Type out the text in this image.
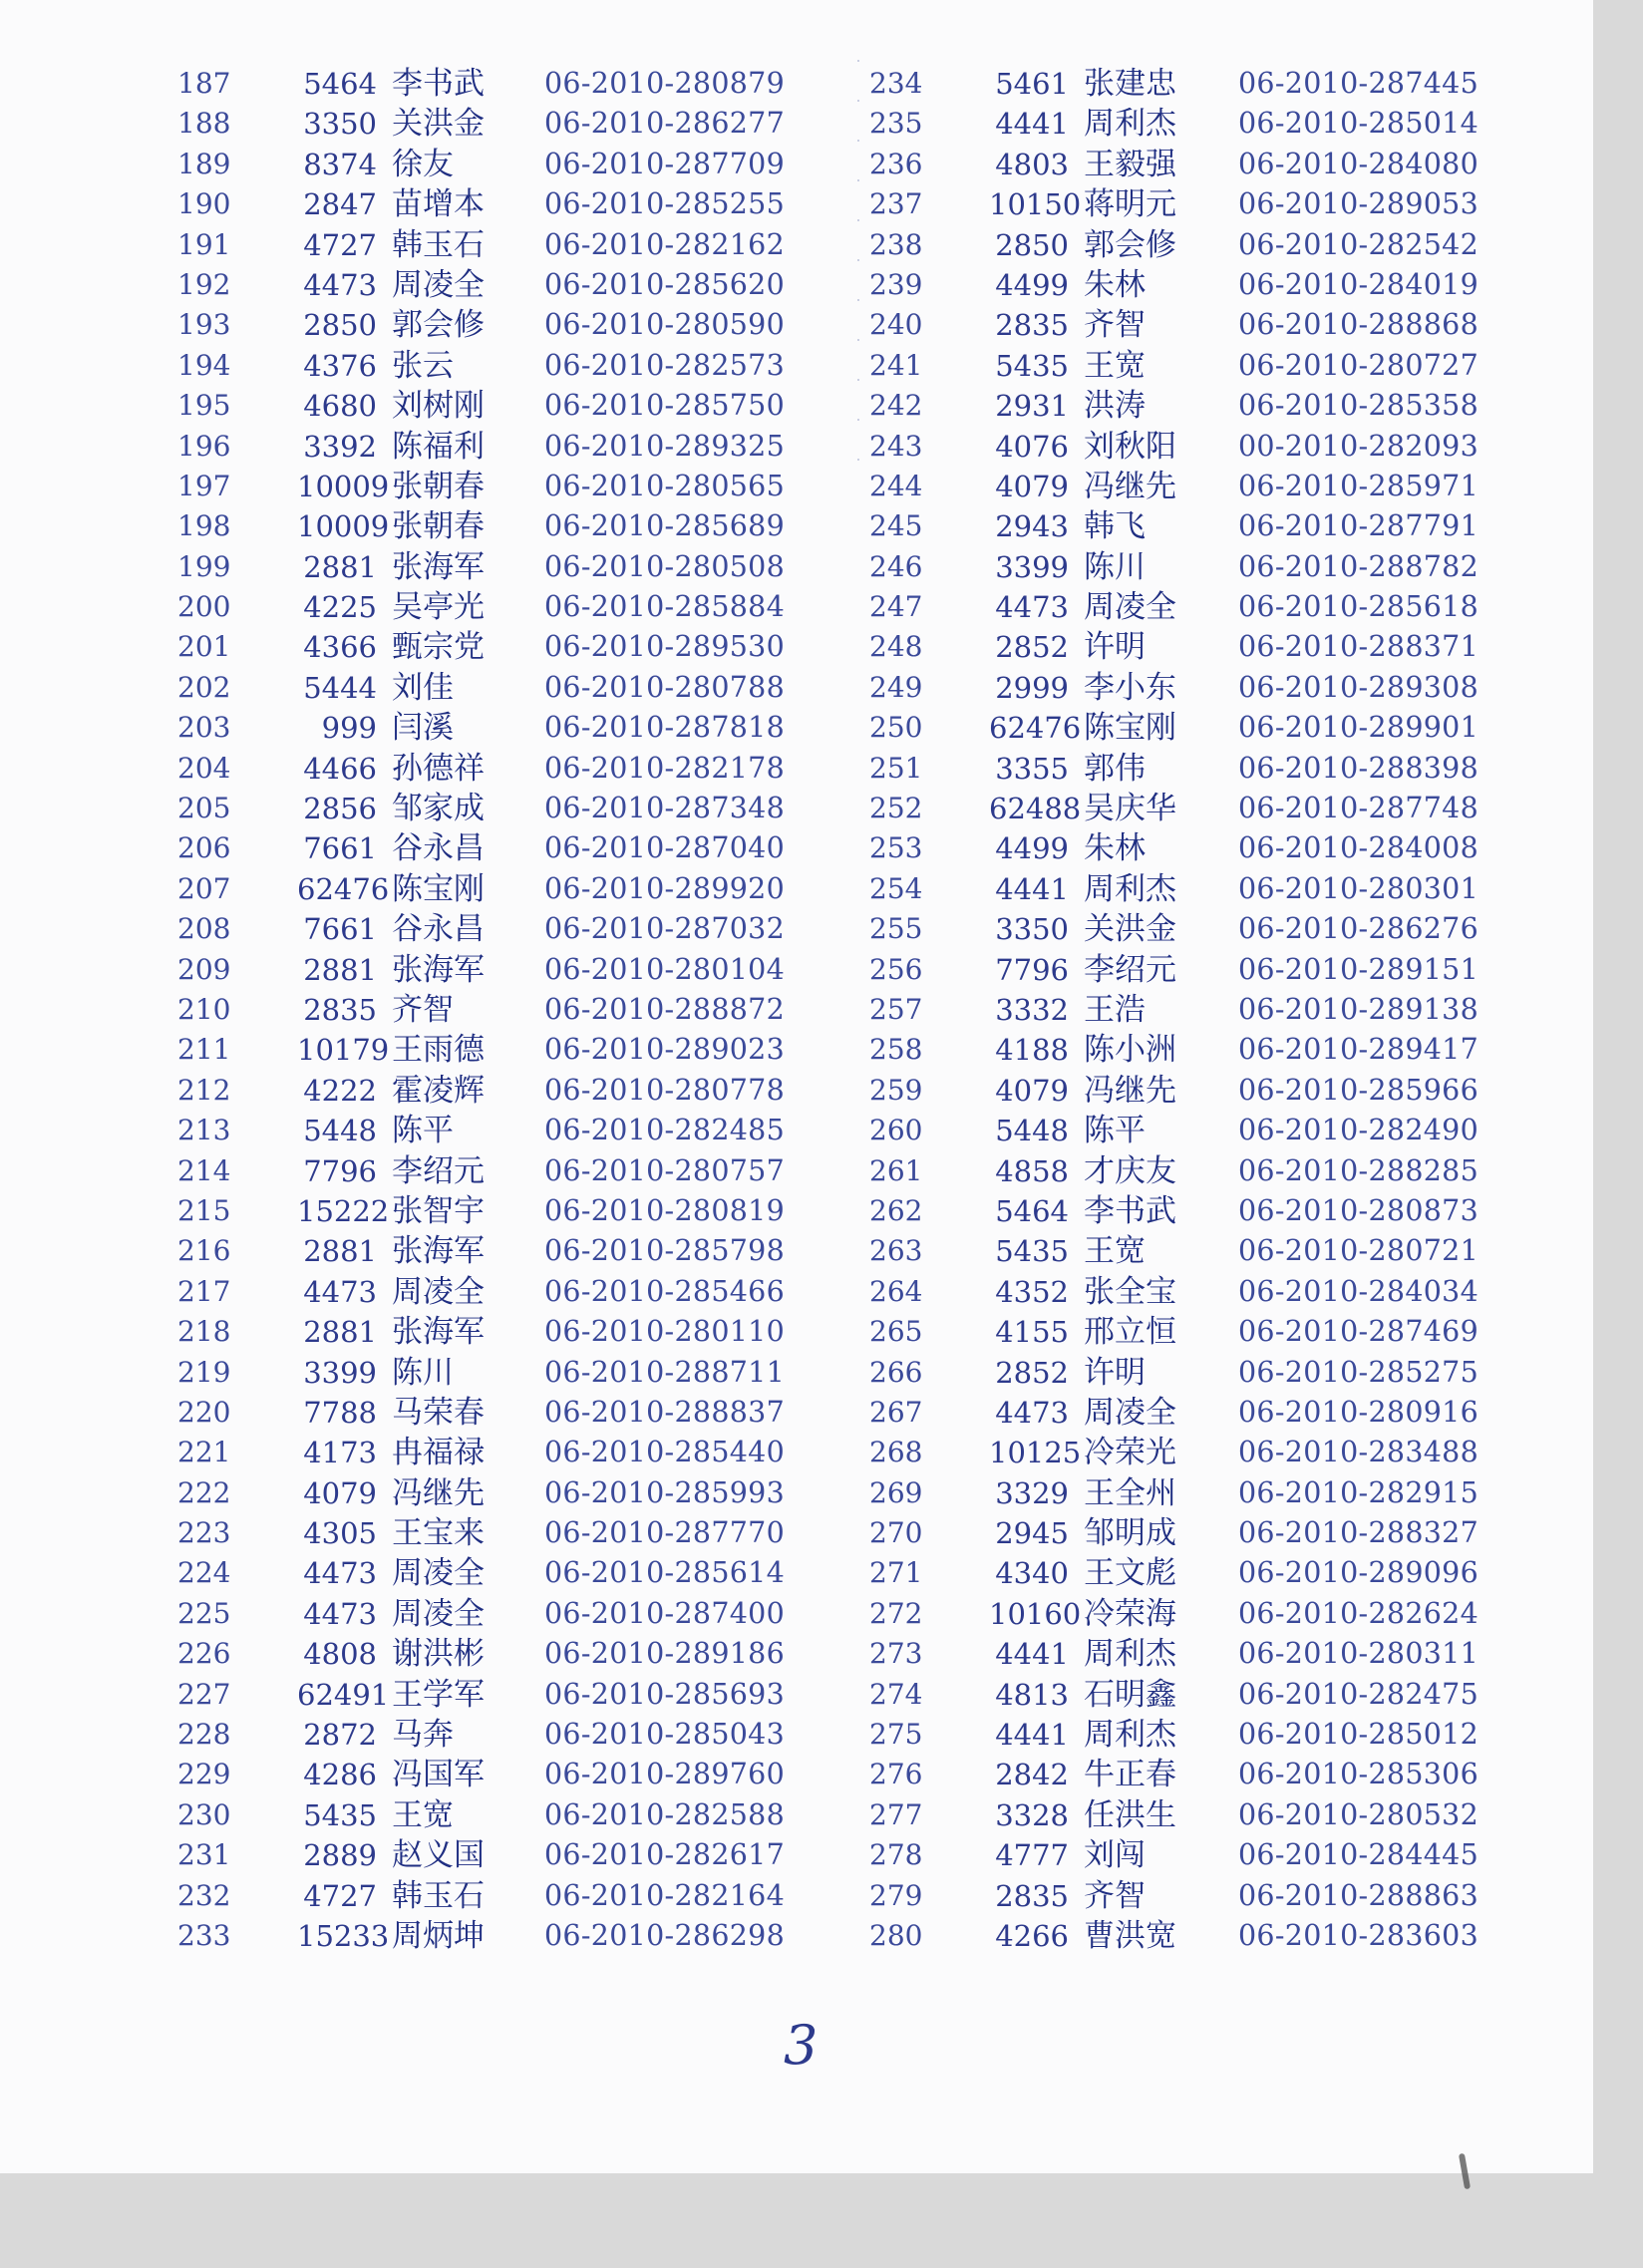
187	5464 李书武 06-2010-280879
188	3350 关洪金 06-2010-286277
189	8374 徐友	06-2010-287709
190	2847 苗增本 06-2010-285255
191	4727 韩玉石 06-2010-282162
192	4473 周凌全 06-2010-285620
193	2850 郭会修 06-2010-280590
194	4376 张云	06-2010-282573
195	4680 刘树刚 06-2010-285750
196	3392 陈福利 06-2010-289325
197	10009 张朝春 06-2010-280565
198	10009 张朝春 06-2010-285689
199	2881 张海军 06-2010-280508
200	4225 吴亭光 06-2010-285884
201	4366 甄宗党 06-2010-289530
202	5444 刘佳	06-2010-280788
203	999 闫溪	06-2010-287818
204	4466 孙德祥 06-2010-282178
205	2856 邹家成 06-2010-287348
206	7661 谷永昌 06-2010-287040
207	62476 陈宝刚 06-2010-289920
208	7661 谷永昌 06-2010-287032
209	2881 张海军 06-2010-280104
210	2835 齐智	06-2010-288872
211	10179 王雨德 06-2010-289023
212	4222 霍凌辉 06-2010-280778
213	5448 陈平	06-2010-282485
214	7796 李绍元 06-2010-280757
215	15222 张智宇 06-2010-280819
216	2881 张海军 06-2010-285798
217	4473 周凌全 06-2010-285466
218	2881 张海军 06-2010-280110
219	3399 陈川	06-2010-288711
220	7788 马荣春 06-2010-288837
221	4173 冉福禄 06-2010-285440
222	4079 冯继先 06-2010-285993
223	4305 王宝来 06-2010-287770
224	4473 周凌全 06-2010-285614
225	4473 周凌全 06-2010-287400
226	4808 谢洪彬 06-2010-289186
227	62491 王学军 06-2010-285693
228	2872 马奔	06-2010-285043
229	4286 冯国军 06-2010-289760
230	5435 王宽	06-2010-282588
231	2889 赵义国 06-2010-282617
232	4727 韩玉石 06-2010-282164
233	15233 周炳坤 06-2010-286298
234	5461 张建忠 06-2010-287445
235	4441 周利杰 06-2010-285014
236	4803 王毅强 06-2010-284080
237	10150 蒋明元 06-2010-289053
238	2850 郭会修 06-2010-282542
239	4499 朱林	06-2010-284019
240	2835 齐智	06-2010-288868
241	5435 王宽	06-2010-280727
242	2931 洪涛	06-2010-285358
243	4076 刘秋阳 00-2010-282093
244	4079 冯继先 06-2010-285971
245	2943 韩飞	06-2010-287791
246	3399 陈川	06-2010-288782
247	4473 周凌全 06-2010-285618
248	2852 许明	06-2010-288371
249	2999 李小东 06-2010-289308
250	62476 陈宝刚 06-2010-289901
251	3355 郭伟	06-2010-288398
252	62488 吴庆华 06-2010-287748
253	4499 朱林	06-2010-284008
254	4441 周利杰 06-2010-280301
255	3350 关洪金 06-2010-286276
256	7796 李绍元 06-2010-289151
257	3332 王浩	06-2010-289138
258	4188 陈小洲 06-2010-289417
259	4079 冯继先 06-2010-285966
260	5448 陈平	06-2010-282490
261	4858 才庆友 06-2010-288285
262	5464 李书武 06-2010-280873
263	5435 王宽	06-2010-280721
264	4352 张全宝 06-2010-284034
265	4155 邢立恒 06-2010-287469
266	2852 许明	06-2010-285275
267	4473 周凌全 06-2010-280916
268	10125 冷荣光 06-2010-283488
269	3329 王全州 06-2010-282915
270	2945 邹明成 06-2010-288327
271	4340 王文彪 06-2010-289096
272	10160 冷荣海 06-2010-282624
273	4441 周利杰 06-2010-280311
274	4813 石明鑫 06-2010-282475
275	4441 周利杰 06-2010-285012
276	2842 牛正春 06-2010-285306
277	3328 任洪生 06-2010-280532
278	4777 刘闯	06-2010-284445
279	2835 齐智	06-2010-288863
280	4266 曹洪宽 06-2010-283603
3
